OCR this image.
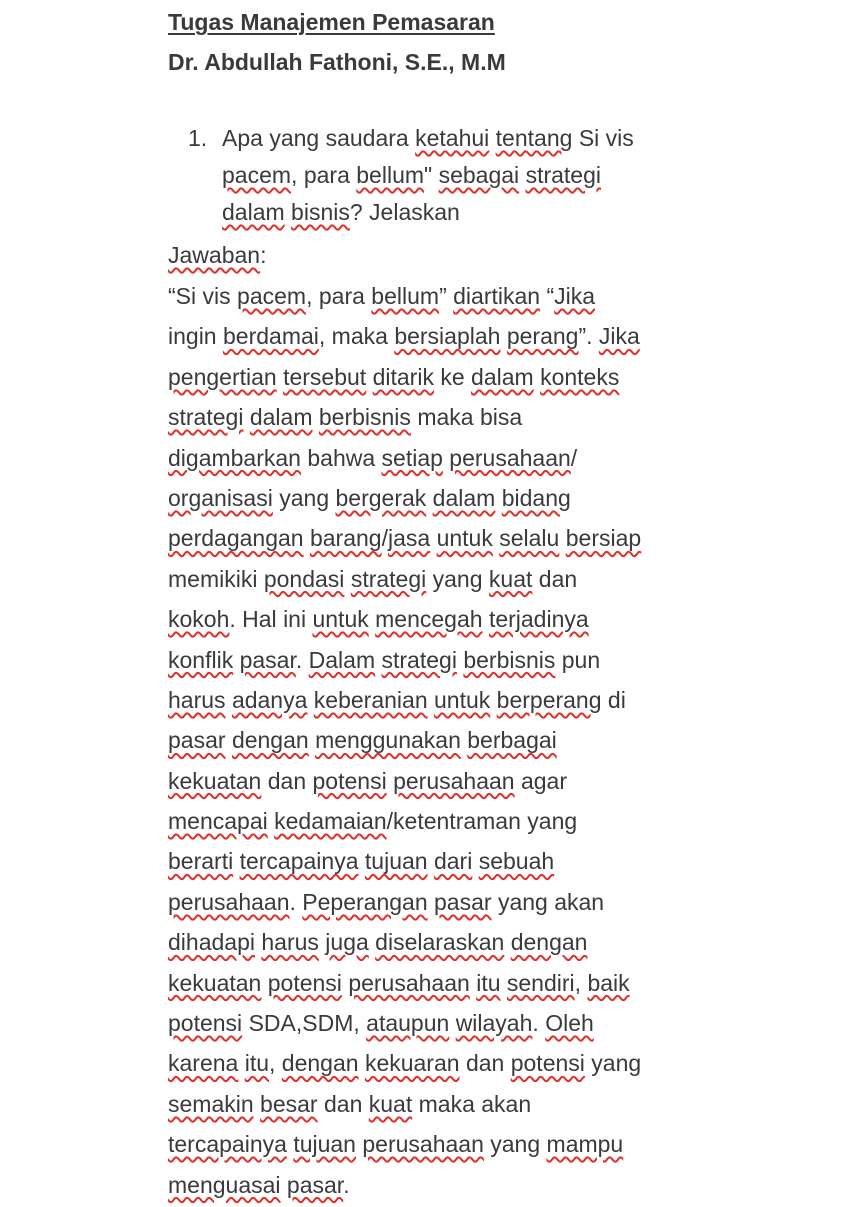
Tugas Manajemen Pemasaran
Dr. Abdullah Fathoni, S.E., M.M
1. Apa yang saudara ketahui tentang Si vis
pacem, para bellum" sebagai strategi
dalam bisnis? Jelaskan
Jawaban:
“Si vis pacem, para bellum” diartikan “Jika
ingin berdamai, maka bersiaplah perang”. Jika
pengertian tersebut ditarik ke dalam konteks
strategi dalam berbisnis maka bisa
digambarkan bahwa setiap perusahaan/
organisasi yang bergerak dalam bidang
perdagangan barang/jasa untuk selalu bersiap
memikiki pondasi strategi yang kuat dan
kokoh. Hal ini untuk mencegah terjadinya
konflik pasar. Dalam strategi berbisnis pun
harus adanya keberanian untuk berperang di
pasar dengan menggunakan berbagai
kekuatan dan potensi perusahaan agar
mencapai kedamaian/ketentraman yang
berarti tercapainya tujuan dari sebuah
perusahaan. Peperangan pasar yang akan
dihadapi harus juga diselaraskan dengan
kekuatan potensi perusahaan itu sendiri, baik
potensi SDA,SDM, ataupun wilayah. Oleh
karena itu, dengan kekuaran dan potensi yang
semakin besar dan kuat maka akan
tercapainya tujuan perusahaan yang mampu
menguasai pasar.
